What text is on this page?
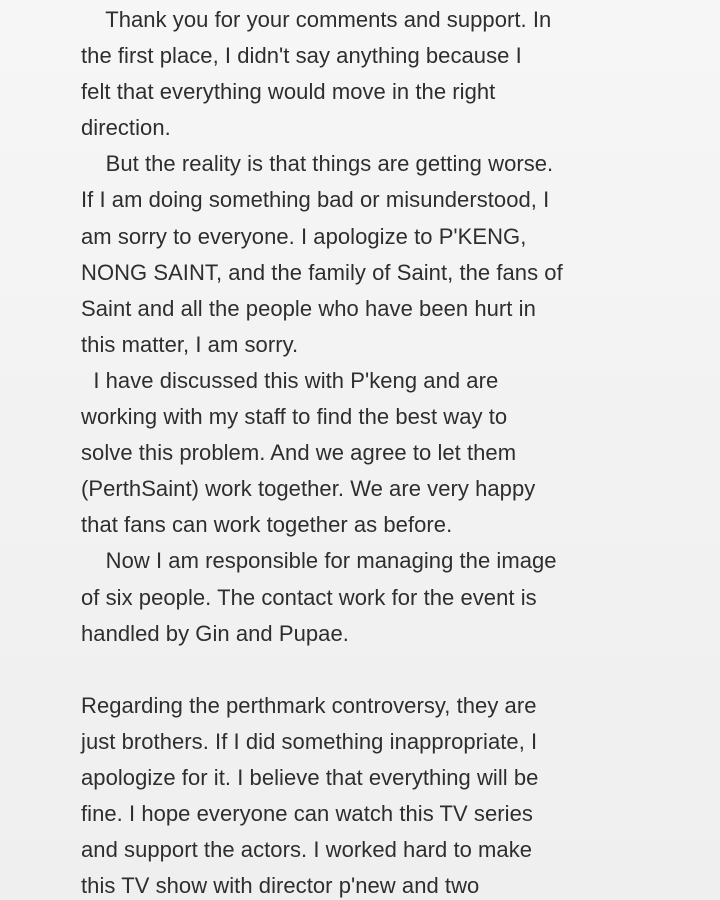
Thank you for your comments and support. In
the first place, I didn't say anything because I
felt that everything would move in the right
direction.
But the reality is that things are getting worse.
If I am doing something bad or misunderstood, I
am sorry to everyone. I apologize to P'KENG,
NONG SAINT, and the family of Saint, the fans of
Saint and all the people who have been hurt in
this matter, I am sorry.
I have discussed this with P'keng and are
working with my staff to find the best way to
solve this problem. And we agree to let them
(PerthSaint) work together. We are very happy
that fans can work together as before.
Now I am responsible for managing the image
of six people. The contact work for the event is
handled by Gin and Pupae.
Regarding the perthmark controversy, they are
just brothers. If I did something inappropriate, I
apologize for it. I believe that everything will be
fine. I hope everyone can watch this TV series
and support the actors. I worked hard to make
this TV show with director p'new and two
